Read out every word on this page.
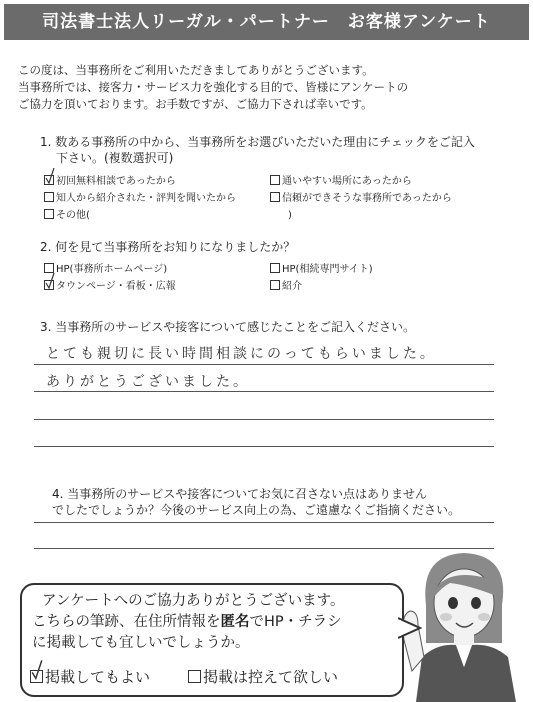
司法書士法人リーガル・パートナー　お客様アンケート
この度は、当事務所をご利用いただきましてありがとうございます。
当事務所では、接客力・サービス力を強化する目的で、皆様にアンケートの
ご協力を頂いております。お手数ですが、ご協力下されば幸いです。
1. 数ある事務所の中から、当事務所をお選びいただいた理由にチェックをご記入
下さい。(複数選択可)
初回無料相談であったから	通いやすい場所にあったから
知人から紹介された・評判を聞いたから	信頼ができそうな事務所であったから
その他(	)
2. 何を見て当事務所をお知りになりましたか？
HP(事務所ホームページ)	HP(相続専門サイト)
タウンページ・看板・広報	紹介
3. 当事務所のサービスや接客について感じたことをご記入ください。
とても親切に長い時間相談にのってもらいました。
ありがとうございました。
4. 当事務所のサービスや接客についてお気に召さない点はありません
でしたでしょうか？今後のサービス向上の為、ご遠慮なくご指摘ください。
アンケートへのご協力ありがとうございます。
こちらの筆跡、在住所情報を匿名でHP・チラシ
に掲載しても宜しいでしょうか。
掲載してもよい	掲載は控えて欲しい
